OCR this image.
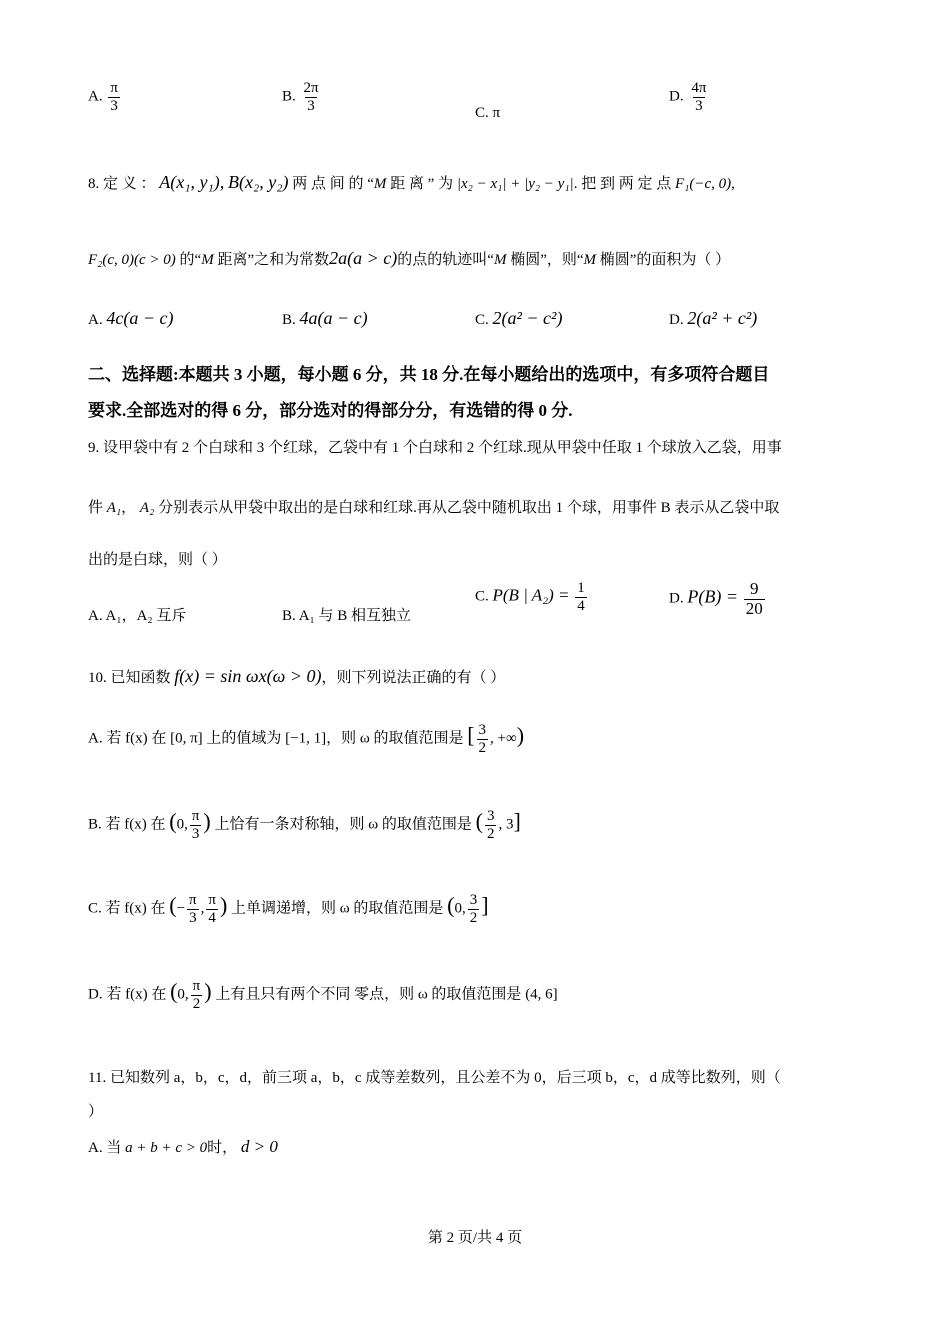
A. $\frac{\pi}{3}$	B. $\frac{2\pi}{3}$	C. π
D. $\frac{4\pi}{3}$
8. 定 义 ： A(x₁, y₁), B(x₂, y₂) 两 点 间 的 “M 距 离 ” 为 |x₂ − x₁| + |y₂ − y₁|. 把 到 两 定 点 F₁(−c, 0),
F₂(c, 0)(c > 0) 的“M 距离”之和为常数2a(a > c)的点的轨迹叫“M 椭圆”，则“M 椭圆”的面积为（ ）
A. 4c(a − c)	B. 4a(a − c)	C. 2(a² − c²)	D. 2(a² + c²)
二、选择题:本题共 3 小题，每小题 6 分，共 18 分.在每小题给出的选项中，有多项符合题目
要求.全部选对的得 6 分，部分选对的得部分分，有选错的得 0 分.
9. 设甲袋中有 2 个白球和 3 个红球，乙袋中有 1 个白球和 2 个红球.现从甲袋中任取 1 个球放入乙袋，用事
件 A₁， A₂ 分别表示从甲袋中取出的是白球和红球.再从乙袋中随机取出 1 个球，用事件 B 表示从乙袋中取
出的是白球，则（ ）
A. A₁，A₂ 互斥	B. A₁ 与 B 相互独立
C. P(B | $A_2) = \frac{1}{4}$	D. $P(B) = \frac{9}{20}$
10. 已知函数 f(x) = sin ωx(ω > 0)，则下列说法正确的有（ ）
A. 若 f(x) 在 [0, π] 上的值域为 [−1, 1]，则 ω 的取值范围是 [ $\frac{3}{2}$ , +∞)
B. 若 f(x) 在 (0, $\frac{\pi}{3}$ ) 上恰有一条对称轴，则 ω 的取值范围是 ( $\frac{3}{2}$ , 3]
C. 若 f(x) 在 (− $\frac{\pi}{3}$ , $\frac{\pi}{4}$ ) 上单调递增，则 ω 的取值范围是 (0, $\frac{3}{2}$ ]
D. 若 f(x) 在 (0, $\frac{\pi}{2}$ ) 上有且只有两个不同 零点，则 ω 的取值范围是 (4, 6]
11. 已知数列 a，b，c，d，前三项 a，b，c 成等差数列，且公差不为 0，后三项 b，c，d 成等比数列，则（
）
A. 当 a + b + c > 0时， d > 0
第 2 页/共 4 页
